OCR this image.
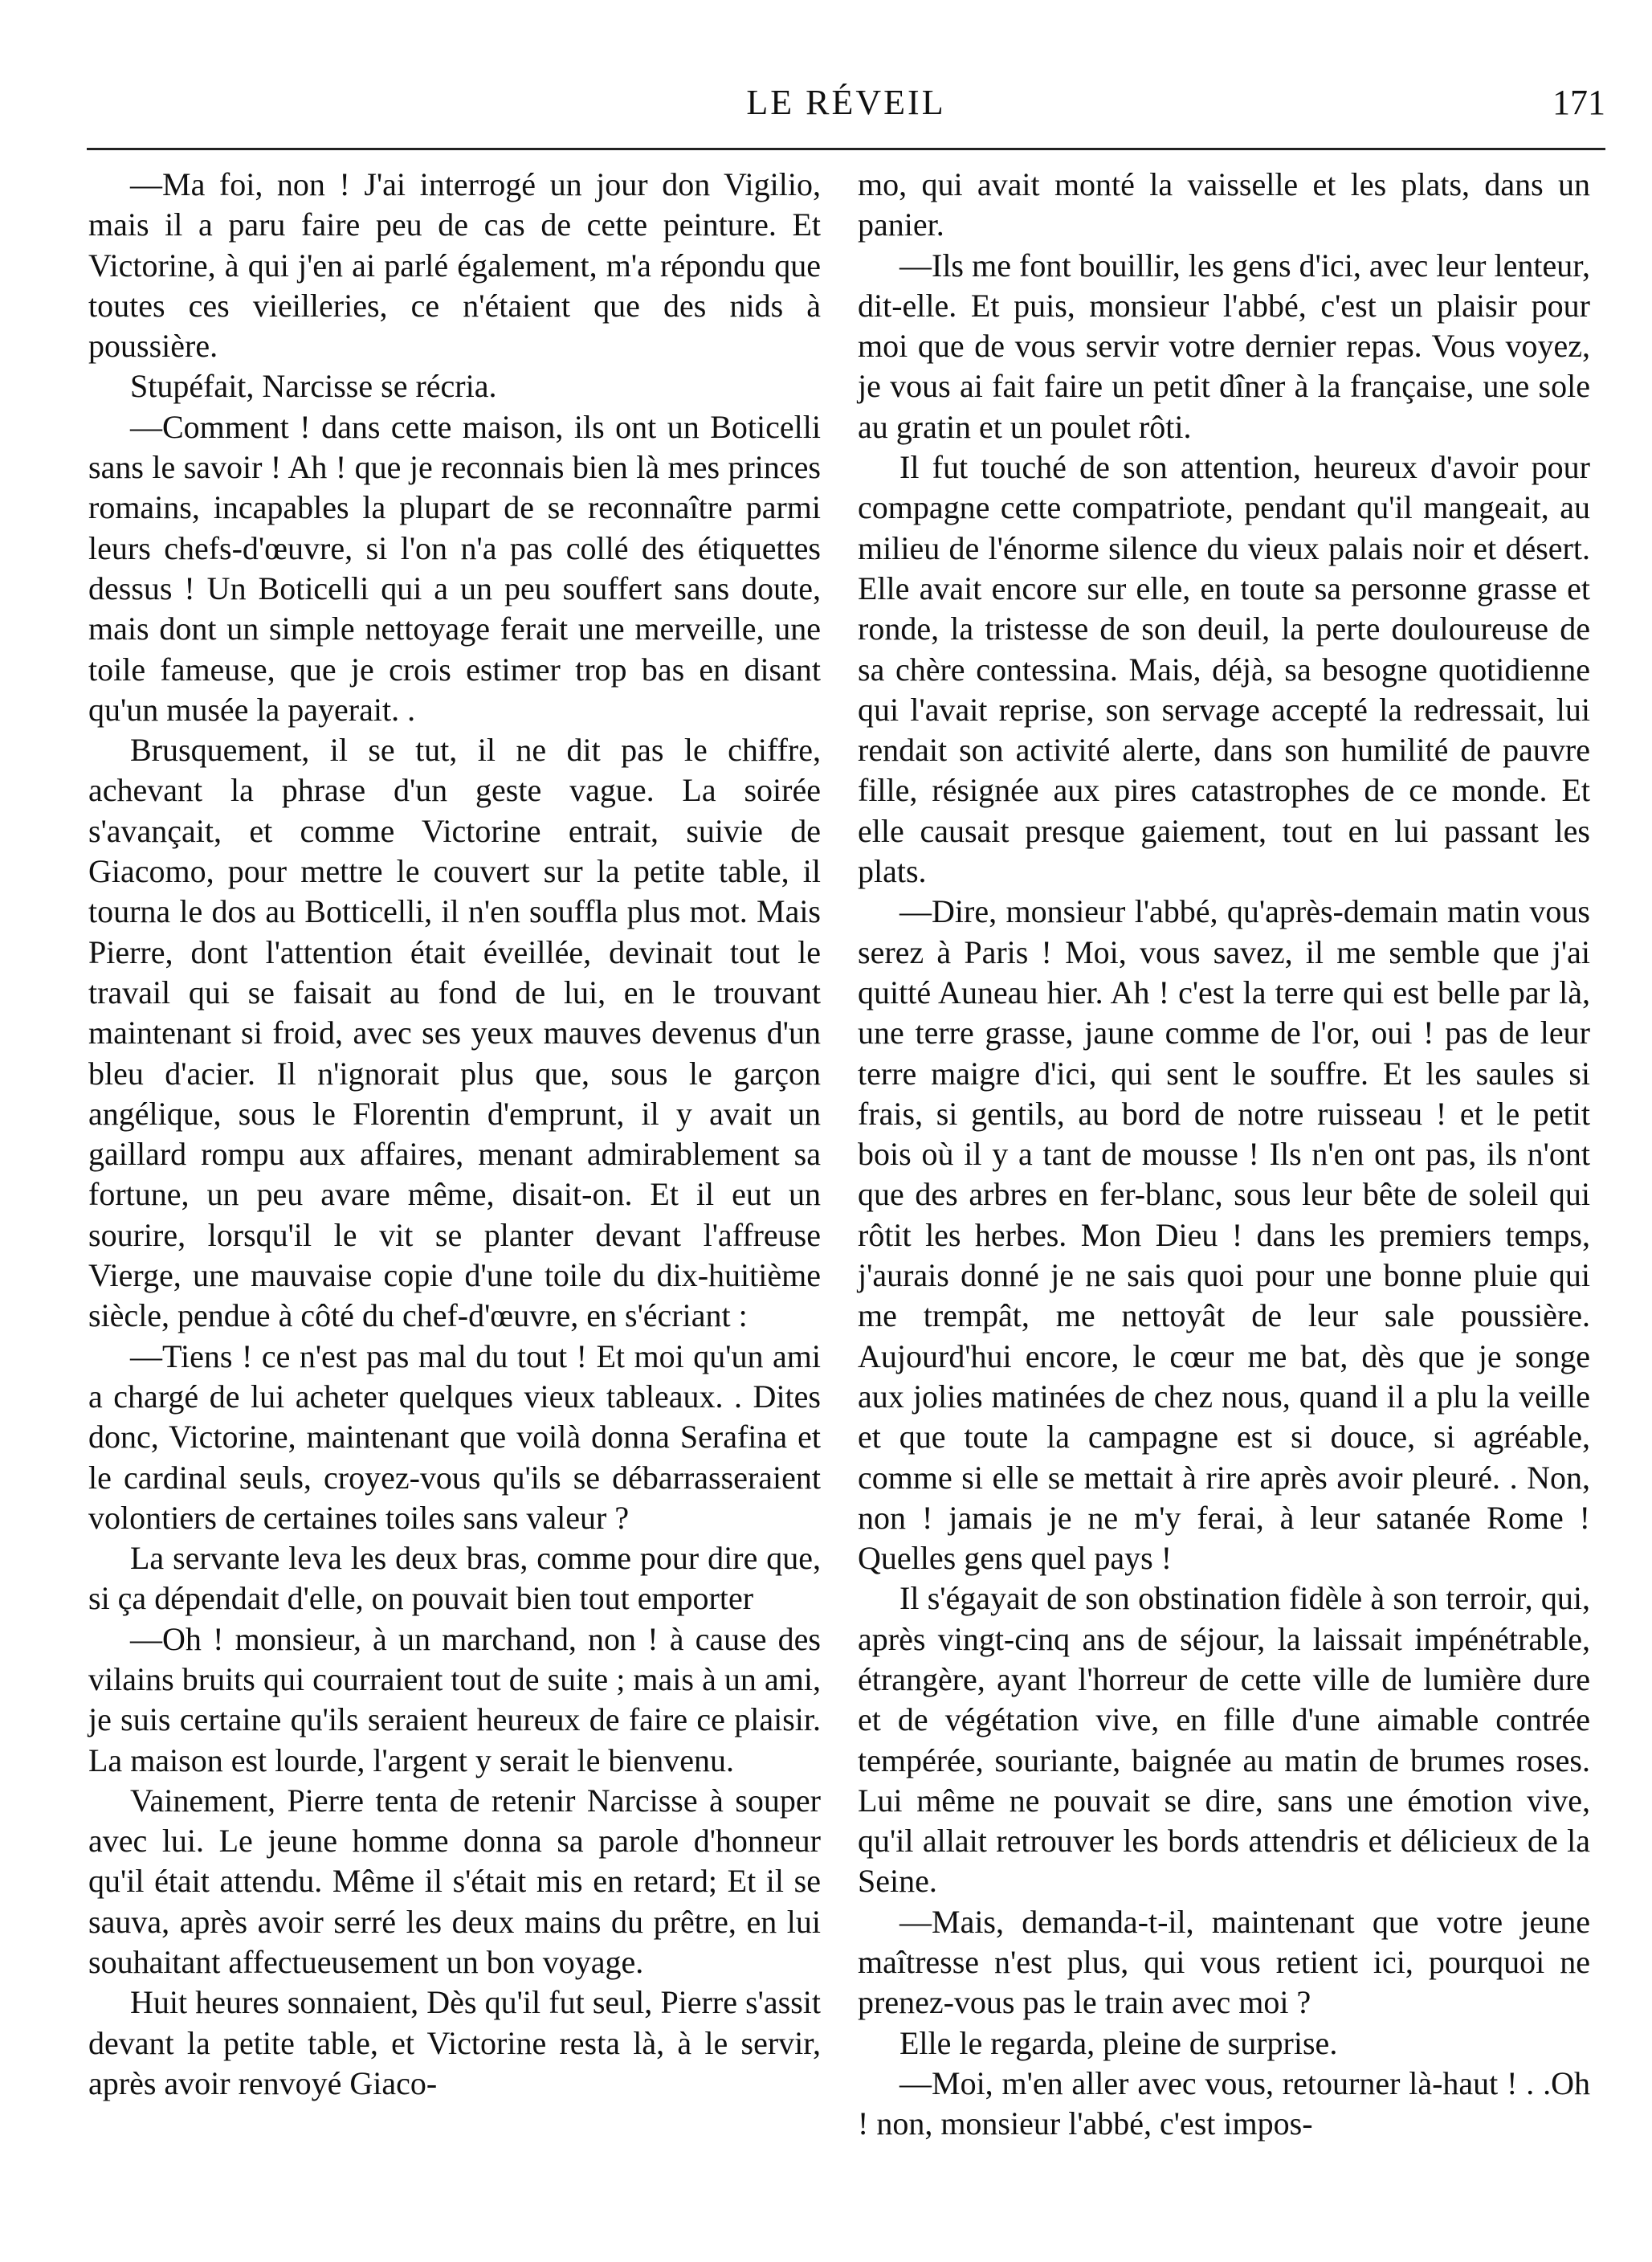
LE RÉVEIL	171

—Ma foi, non ! J'ai interrogé un jour don Vigilio, mais il a paru faire peu de cas de cette peinture. Et Victorine, à qui j'en ai parlé également, m'a répondu que toutes ces vieilleries, ce n'étaient que des nids à poussière.

Stupéfait, Narcisse se récria.

—Comment ! dans cette maison, ils ont un Boticelli sans le savoir ! Ah ! que je reconnais bien là mes princes romains, incapables la plupart de se reconnaître parmi leurs chefs-d'œuvre, si l'on n'a pas collé des étiquettes dessus ! Un Boticelli qui a un peu souffert sans doute, mais dont un simple nettoyage ferait une merveille, une toile fameuse, que je crois estimer trop bas en disant qu'un musée la payerait. .

Brusquement, il se tut, il ne dit pas le chiffre, achevant la phrase d'un geste vague. La soirée s'avançait, et comme Victorine entrait, suivie de Giacomo, pour mettre le couvert sur la petite table, il tourna le dos au Botticelli, il n'en souffla plus mot. Mais Pierre, dont l'attention était éveillée, devinait tout le travail qui se faisait au fond de lui, en le trouvant maintenant si froid, avec ses yeux mauves devenus d'un bleu d'acier. Il n'ignorait plus que, sous le garçon angélique, sous le Florentin d'emprunt, il y avait un gaillard rompu aux affaires, menant admirablement sa fortune, un peu avare même, disait-on. Et il eut un sourire, lorsqu'il le vit se planter devant l'affreuse Vierge, une mauvaise copie d'une toile du dix-huitième siècle, pendue à côté du chef-d'œuvre, en s'écriant :

—Tiens ! ce n'est pas mal du tout ! Et moi qu'un ami a chargé de lui acheter quelques vieux tableaux. . Dites donc, Victorine, maintenant que voilà donna Serafina et le cardinal seuls, croyez-vous qu'ils se débarrasseraient volontiers de certaines toiles sans valeur ?

La servante leva les deux bras, comme pour dire que, si ça dépendait d'elle, on pouvait bien tout emporter

—Oh ! monsieur, à un marchand, non ! à cause des vilains bruits qui courraient tout de suite ; mais à un ami, je suis certaine qu'ils seraient heureux de faire ce plaisir. La maison est lourde, l'argent y serait le bienvenu.

Vainement, Pierre tenta de retenir Narcisse à souper avec lui. Le jeune homme donna sa parole d'honneur qu'il était attendu. Même il s'était mis en retard; Et il se sauva, après avoir serré les deux mains du prêtre, en lui souhaitant affectueusement un bon voyage.

Huit heures sonnaient, Dès qu'il fut seul, Pierre s'assit devant la petite table, et Victorine resta là, à le servir, après avoir renvoyé Giaco-

mo, qui avait monté la vaisselle et les plats, dans un panier.

—Ils me font bouillir, les gens d'ici, avec leur lenteur, dit-elle. Et puis, monsieur l'abbé, c'est un plaisir pour moi que de vous servir votre dernier repas. Vous voyez, je vous ai fait faire un petit dîner à la française, une sole au gratin et un poulet rôti.

Il fut touché de son attention, heureux d'avoir pour compagne cette compatriote, pendant qu'il mangeait, au milieu de l'énorme silence du vieux palais noir et désert. Elle avait encore sur elle, en toute sa personne grasse et ronde, la tristesse de son deuil, la perte douloureuse de sa chère contessina. Mais, déjà, sa besogne quotidienne qui l'avait reprise, son servage accepté la redressait, lui rendait son activité alerte, dans son humilité de pauvre fille, résignée aux pires catastrophes de ce monde. Et elle causait presque gaiement, tout en lui passant les plats.

—Dire, monsieur l'abbé, qu'après-demain matin vous serez à Paris ! Moi, vous savez, il me semble que j'ai quitté Auneau hier. Ah ! c'est la terre qui est belle par là, une terre grasse, jaune comme de l'or, oui ! pas de leur terre maigre d'ici, qui sent le souffre. Et les saules si frais, si gentils, au bord de notre ruisseau ! et le petit bois où il y a tant de mousse ! Ils n'en ont pas, ils n'ont que des arbres en fer-blanc, sous leur bête de soleil qui rôtit les herbes. Mon Dieu ! dans les premiers temps, j'aurais donné je ne sais quoi pour une bonne pluie qui me trempât, me nettoyât de leur sale poussière. Aujourd'hui encore, le cœur me bat, dès que je songe aux jolies matinées de chez nous, quand il a plu la veille et que toute la campagne est si douce, si agréable, comme si elle se mettait à rire après avoir pleuré. . Non, non ! jamais je ne m'y ferai, à leur satanée Rome ! Quelles gens quel pays !

Il s'égayait de son obstination fidèle à son terroir, qui, après vingt-cinq ans de séjour, la laissait impénétrable, étrangère, ayant l'horreur de cette ville de lumière dure et de végétation vive, en fille d'une aimable contrée tempérée, souriante, baignée au matin de brumes roses. Lui même ne pouvait se dire, sans une émotion vive, qu'il allait retrouver les bords attendris et délicieux de la Seine.

—Mais, demanda-t-il, maintenant que votre jeune maîtresse n'est plus, qui vous retient ici, pourquoi ne prenez-vous pas le train avec moi ?

Elle le regarda, pleine de surprise.

—Moi, m'en aller avec vous, retourner là-haut ! . .Oh ! non, monsieur l'abbé, c'est impos-
